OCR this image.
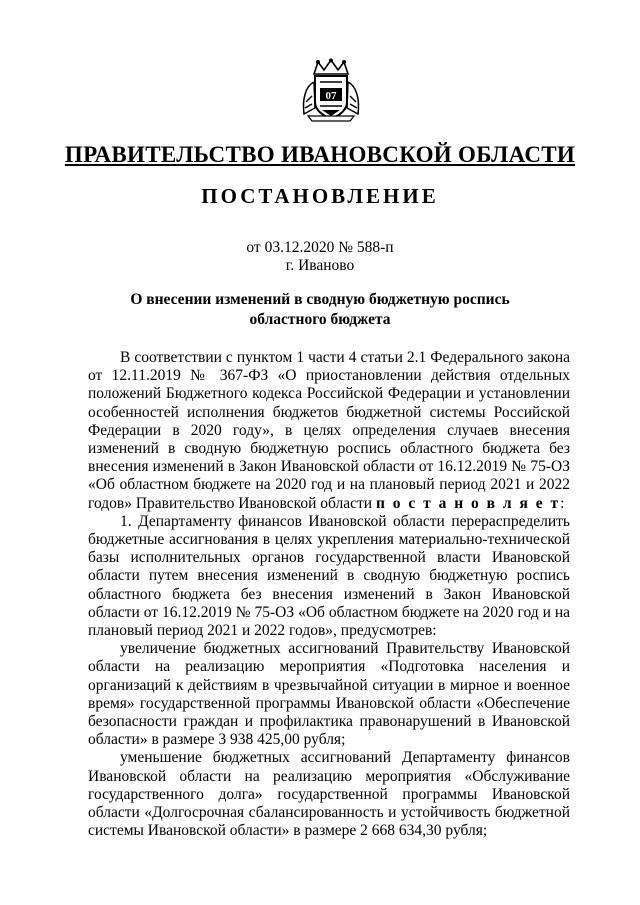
07
ПРАВИТЕЛЬСТВО ИВАНОВСКОЙ ОБЛАСТИ
ПОСТАНОВЛЕНИЕ
от 03.12.2020 № 588-п
г. Иваново
О внесении изменений в сводную бюджетную роспись
областного бюджета

В соответствии с пунктом 1 части 4 статьи 2.1 Федерального закона от 12.11.2019 № 367-ФЗ «О приостановлении действия отдельных положений Бюджетного кодекса Российской Федерации и установлении особенностей исполнения бюджетов бюджетной системы Российской Федерации в 2020 году», в целях определения случаев внесения изменений в сводную бюджетную роспись областного бюджета без внесения изменений в Закон Ивановской области от 16.12.2019 № 75-ОЗ «Об областном бюджете на 2020 год и на плановый период 2021 и 2022 годов» Правительство Ивановской области п о с т а н о в л я е т:

1. Департаменту финансов Ивановской области перераспределить бюджетные ассигнования в целях укрепления материально-технической базы исполнительных органов государственной власти Ивановской области путем внесения изменений в сводную бюджетную роспись областного бюджета без внесения изменений в Закон Ивановской области от 16.12.2019 № 75-ОЗ «Об областном бюджете на 2020 год и на плановый период 2021 и 2022 годов», предусмотрев:

увеличение бюджетных ассигнований Правительству Ивановской области на реализацию мероприятия «Подготовка населения и организаций к действиям в чрезвычайной ситуации в мирное и военное время» государственной программы Ивановской области «Обеспечение безопасности граждан и профилактика правонарушений в Ивановской области» в размере 3 938 425,00 рубля;

уменьшение бюджетных ассигнований Департаменту финансов Ивановской области на реализацию мероприятия «Обслуживание государственного долга» государственной программы Ивановской области «Долгосрочная сбалансированность и устойчивость бюджетной системы Ивановской области» в размере 2 668 634,30 рубля;
